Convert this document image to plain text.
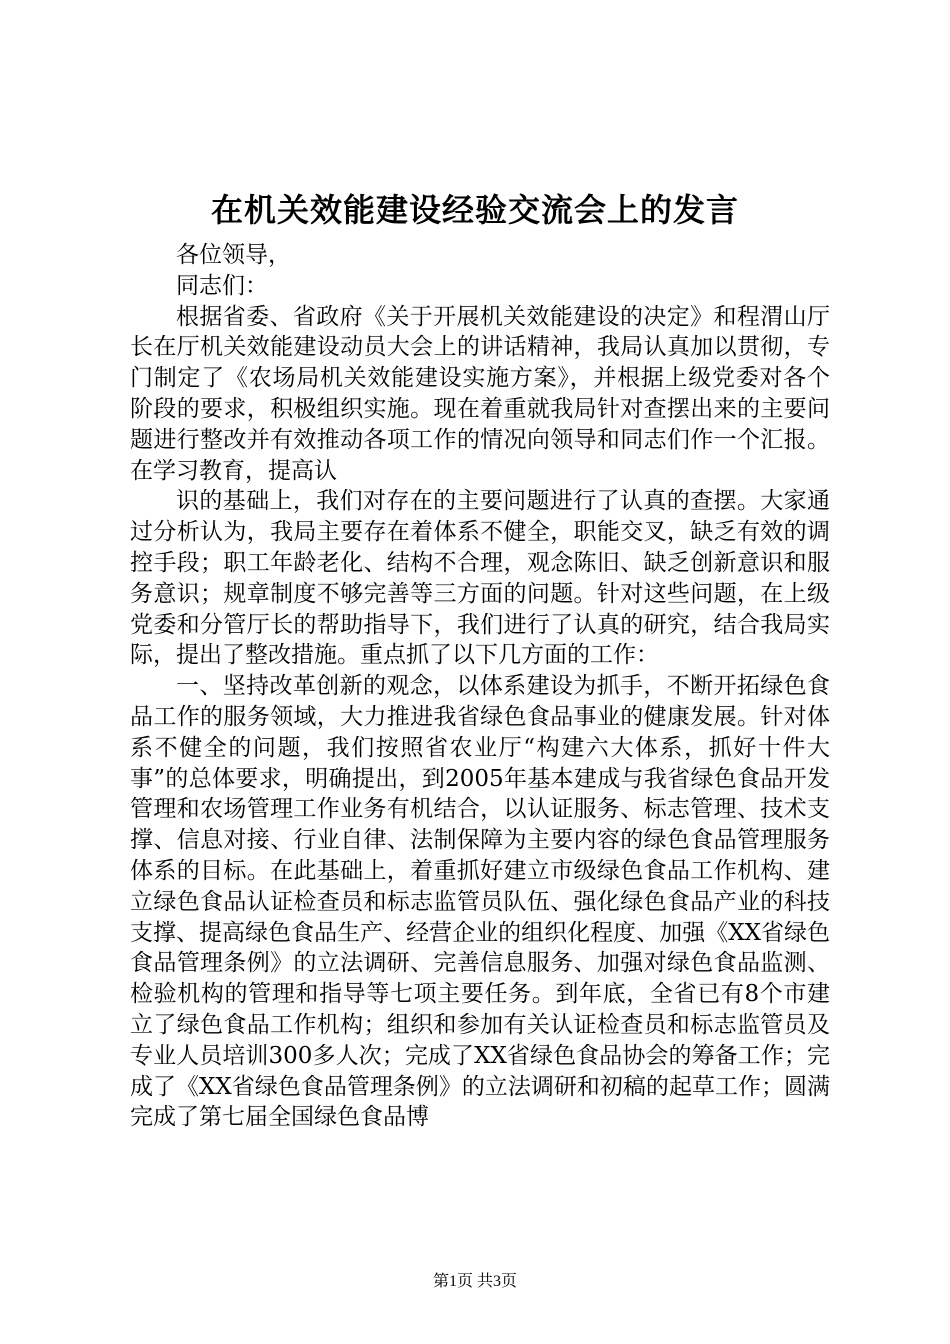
在机关效能建设经验交流会上的发言

各位领导，

同志们：

根据省委、省政府《关于开展机关效能建设的决定》和程渭山厅长在厅机关效能建设动员大会上的讲话精神，我局认真加以贯彻，专门制定了《农场局机关效能建设实施方案》，并根据上级党委对各个阶段的要求，积极组织实施。现在着重就我局针对查摆出来的主要问题进行整改并有效推动各项工作的情况向领导和同志们作一个汇报。在学习教育，提高认

识的基础上，我们对存在的主要问题进行了认真的查摆。大家通过分析认为，我局主要存在着体系不健全，职能交叉，缺乏有效的调控手段；职工年龄老化、结构不合理，观念陈旧、缺乏创新意识和服务意识；规章制度不够完善等三方面的问题。针对这些问题，在上级党委和分管厅长的帮助指导下，我们进行了认真的研究，结合我局实际，提出了整改措施。重点抓了以下几方面的工作：

一、坚持改革创新的观念，以体系建设为抓手，不断开拓绿色食品工作的服务领域，大力推进我省绿色食品事业的健康发展。针对体系不健全的问题，我们按照省农业厅“构建六大体系，抓好十件大事”的总体要求，明确提出，到2005年基本建成与我省绿色食品开发管理和农场管理工作业务有机结合，以认证服务、标志管理、技术支撑、信息对接、行业自律、法制保障为主要内容的绿色食品管理服务体系的目标。在此基础上，着重抓好建立市级绿色食品工作机构、建立绿色食品认证检查员和标志监管员队伍、强化绿色食品产业的科技支撑、提高绿色食品生产、经营企业的组织化程度、加强《XX省绿色食品管理条例》的立法调研、完善信息服务、加强对绿色食品监测、检验机构的管理和指导等七项主要任务。到年底，全省已有8个市建立了绿色食品工作机构；组织和参加有关认证检查员和标志监管员及专业人员培训300多人次；完成了XX省绿色食品协会的筹备工作；完成了《XX省绿色食品管理条例》的立法调研和初稿的起草工作；圆满完成了第七届全国绿色食品博

第1页 共3页
